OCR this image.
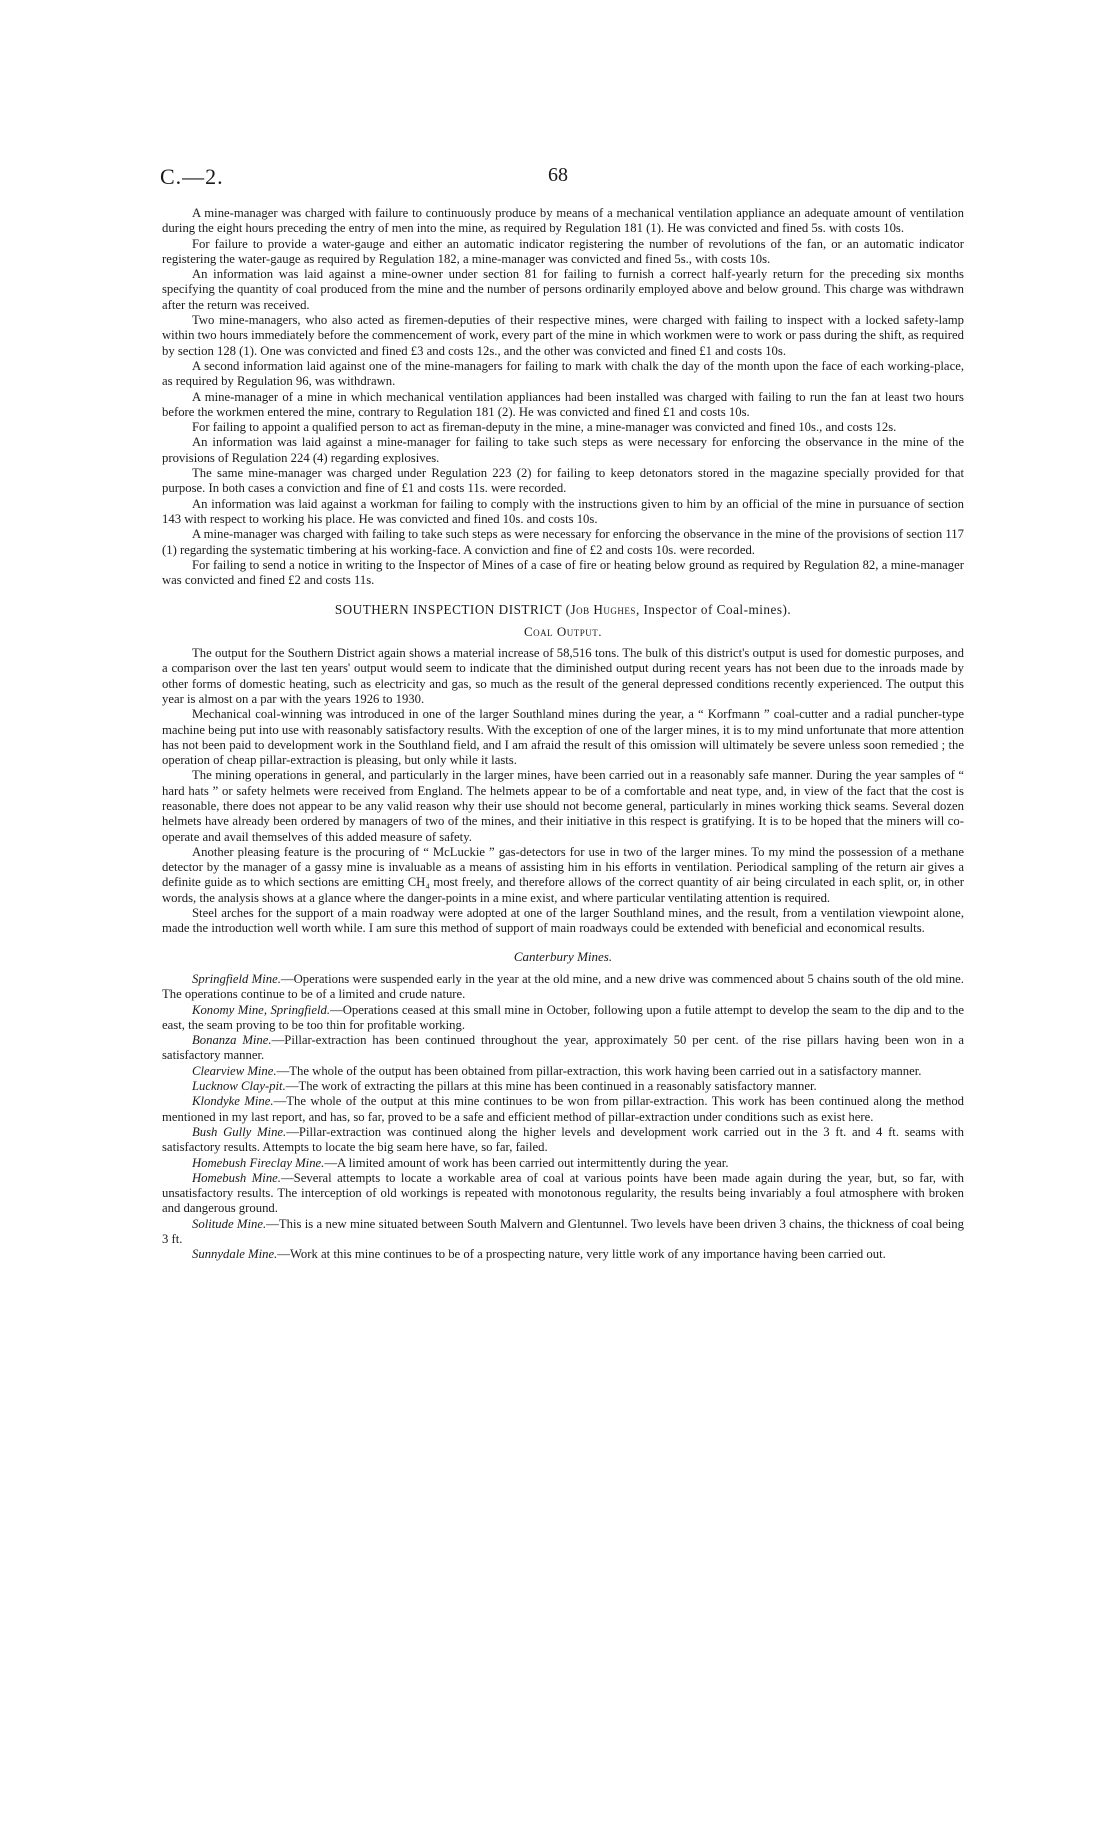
C.—2.	68

A mine-manager was charged with failure to continuously produce by means of a mechanical ventilation appliance an adequate amount of ventilation during the eight hours preceding the entry of men into the mine, as required by Regulation 181 (1). He was convicted and fined 5s. with costs 10s.

For failure to provide a water-gauge and either an automatic indicator registering the number of revolutions of the fan, or an automatic indicator registering the water-gauge as required by Regulation 182, a mine-manager was convicted and fined 5s., with costs 10s.

An information was laid against a mine-owner under section 81 for failing to furnish a correct half-yearly return for the preceding six months specifying the quantity of coal produced from the mine and the number of persons ordinarily employed above and below ground. This charge was withdrawn after the return was received.

Two mine-managers, who also acted as firemen-deputies of their respective mines, were charged with failing to inspect with a locked safety-lamp within two hours immediately before the commencement of work, every part of the mine in which workmen were to work or pass during the shift, as required by section 128 (1). One was convicted and fined £3 and costs 12s., and the other was convicted and fined £1 and costs 10s.

A second information laid against one of the mine-managers for failing to mark with chalk the day of the month upon the face of each working-place, as required by Regulation 96, was withdrawn.

A mine-manager of a mine in which mechanical ventilation appliances had been installed was charged with failing to run the fan at least two hours before the workmen entered the mine, contrary to Regulation 181 (2). He was convicted and fined £1 and costs 10s.

For failing to appoint a qualified person to act as fireman-deputy in the mine, a mine-manager was convicted and fined 10s., and costs 12s.

An information was laid against a mine-manager for failing to take such steps as were necessary for enforcing the observance in the mine of the provisions of Regulation 224 (4) regarding explosives.

The same mine-manager was charged under Regulation 223 (2) for failing to keep detonators stored in the magazine specially provided for that purpose. In both cases a conviction and fine of £1 and costs 11s. were recorded.

An information was laid against a workman for failing to comply with the instructions given to him by an official of the mine in pursuance of section 143 with respect to working his place. He was convicted and fined 10s. and costs 10s.

A mine-manager was charged with failing to take such steps as were necessary for enforcing the observance in the mine of the provisions of section 117 (1) regarding the systematic timbering at his working-face. A conviction and fine of £2 and costs 10s. were recorded.

For failing to send a notice in writing to the Inspector of Mines of a case of fire or heating below ground as required by Regulation 82, a mine-manager was convicted and fined £2 and costs 11s.

SOUTHERN INSPECTION DISTRICT (Job Hughes, Inspector of Coal-mines).
Coal Output.

The output for the Southern District again shows a material increase of 58,516 tons. The bulk of this district's output is used for domestic purposes, and a comparison over the last ten years' output would seem to indicate that the diminished output during recent years has not been due to the inroads made by other forms of domestic heating, such as electricity and gas, so much as the result of the general depressed conditions recently experienced. The output this year is almost on a par with the years 1926 to 1930.

Mechanical coal-winning was introduced in one of the larger Southland mines during the year, a “ Korfmann ” coal-cutter and a radial puncher-type machine being put into use with reasonably satisfactory results. With the exception of one of the larger mines, it is to my mind unfortunate that more attention has not been paid to development work in the Southland field, and I am afraid the result of this omission will ultimately be severe unless soon remedied ; the operation of cheap pillar-extraction is pleasing, but only while it lasts.

The mining operations in general, and particularly in the larger mines, have been carried out in a reasonably safe manner. During the year samples of “ hard hats ” or safety helmets were received from England. The helmets appear to be of a comfortable and neat type, and, in view of the fact that the cost is reasonable, there does not appear to be any valid reason why their use should not become general, particularly in mines working thick seams. Several dozen helmets have already been ordered by managers of two of the mines, and their initiative in this respect is gratifying. It is to be hoped that the miners will co-operate and avail themselves of this added measure of safety.

Another pleasing feature is the procuring of “ McLuckie ” gas-detectors for use in two of the larger mines. To my mind the possession of a methane detector by the manager of a gassy mine is invaluable as a means of assisting him in his efforts in ventilation. Periodical sampling of the return air gives a definite guide as to which sections are emitting CH₄ most freely, and therefore allows of the correct quantity of air being circulated in each split, or, in other words, the analysis shows at a glance where the danger-points in a mine exist, and where particular ventilating attention is required.

Steel arches for the support of a main roadway were adopted at one of the larger Southland mines, and the result, from a ventilation viewpoint alone, made the introduction well worth while. I am sure this method of support of main roadways could be extended with beneficial and economical results.

Canterbury Mines.

Springfield Mine.—Operations were suspended early in the year at the old mine, and a new drive was commenced about 5 chains south of the old mine. The operations continue to be of a limited and crude nature.

Konomy Mine, Springfield.—Operations ceased at this small mine in October, following upon a futile attempt to develop the seam to the dip and to the east, the seam proving to be too thin for profitable working.

Bonanza Mine.—Pillar-extraction has been continued throughout the year, approximately 50 per cent. of the rise pillars having been won in a satisfactory manner.

Clearview Mine.—The whole of the output has been obtained from pillar-extraction, this work having been carried out in a satisfactory manner.

Lucknow Clay-pit.—The work of extracting the pillars at this mine has been continued in a reasonably satisfactory manner.

Klondyke Mine.—The whole of the output at this mine continues to be won from pillar-extraction. This work has been continued along the method mentioned in my last report, and has, so far, proved to be a safe and efficient method of pillar-extraction under conditions such as exist here.

Bush Gully Mine.—Pillar-extraction was continued along the higher levels and development work carried out in the 3 ft. and 4 ft. seams with satisfactory results. Attempts to locate the big seam here have, so far, failed.

Homebush Fireclay Mine.—A limited amount of work has been carried out intermittently during the year.

Homebush Mine.—Several attempts to locate a workable area of coal at various points have been made again during the year, but, so far, with unsatisfactory results. The interception of old workings is repeated with monotonous regularity, the results being invariably a foul atmosphere with broken and dangerous ground.

Solitude Mine.—This is a new mine situated between South Malvern and Glentunnel. Two levels have been driven 3 chains, the thickness of coal being 3 ft.

Sunnydale Mine.—Work at this mine continues to be of a prospecting nature, very little work of any importance having been carried out.
